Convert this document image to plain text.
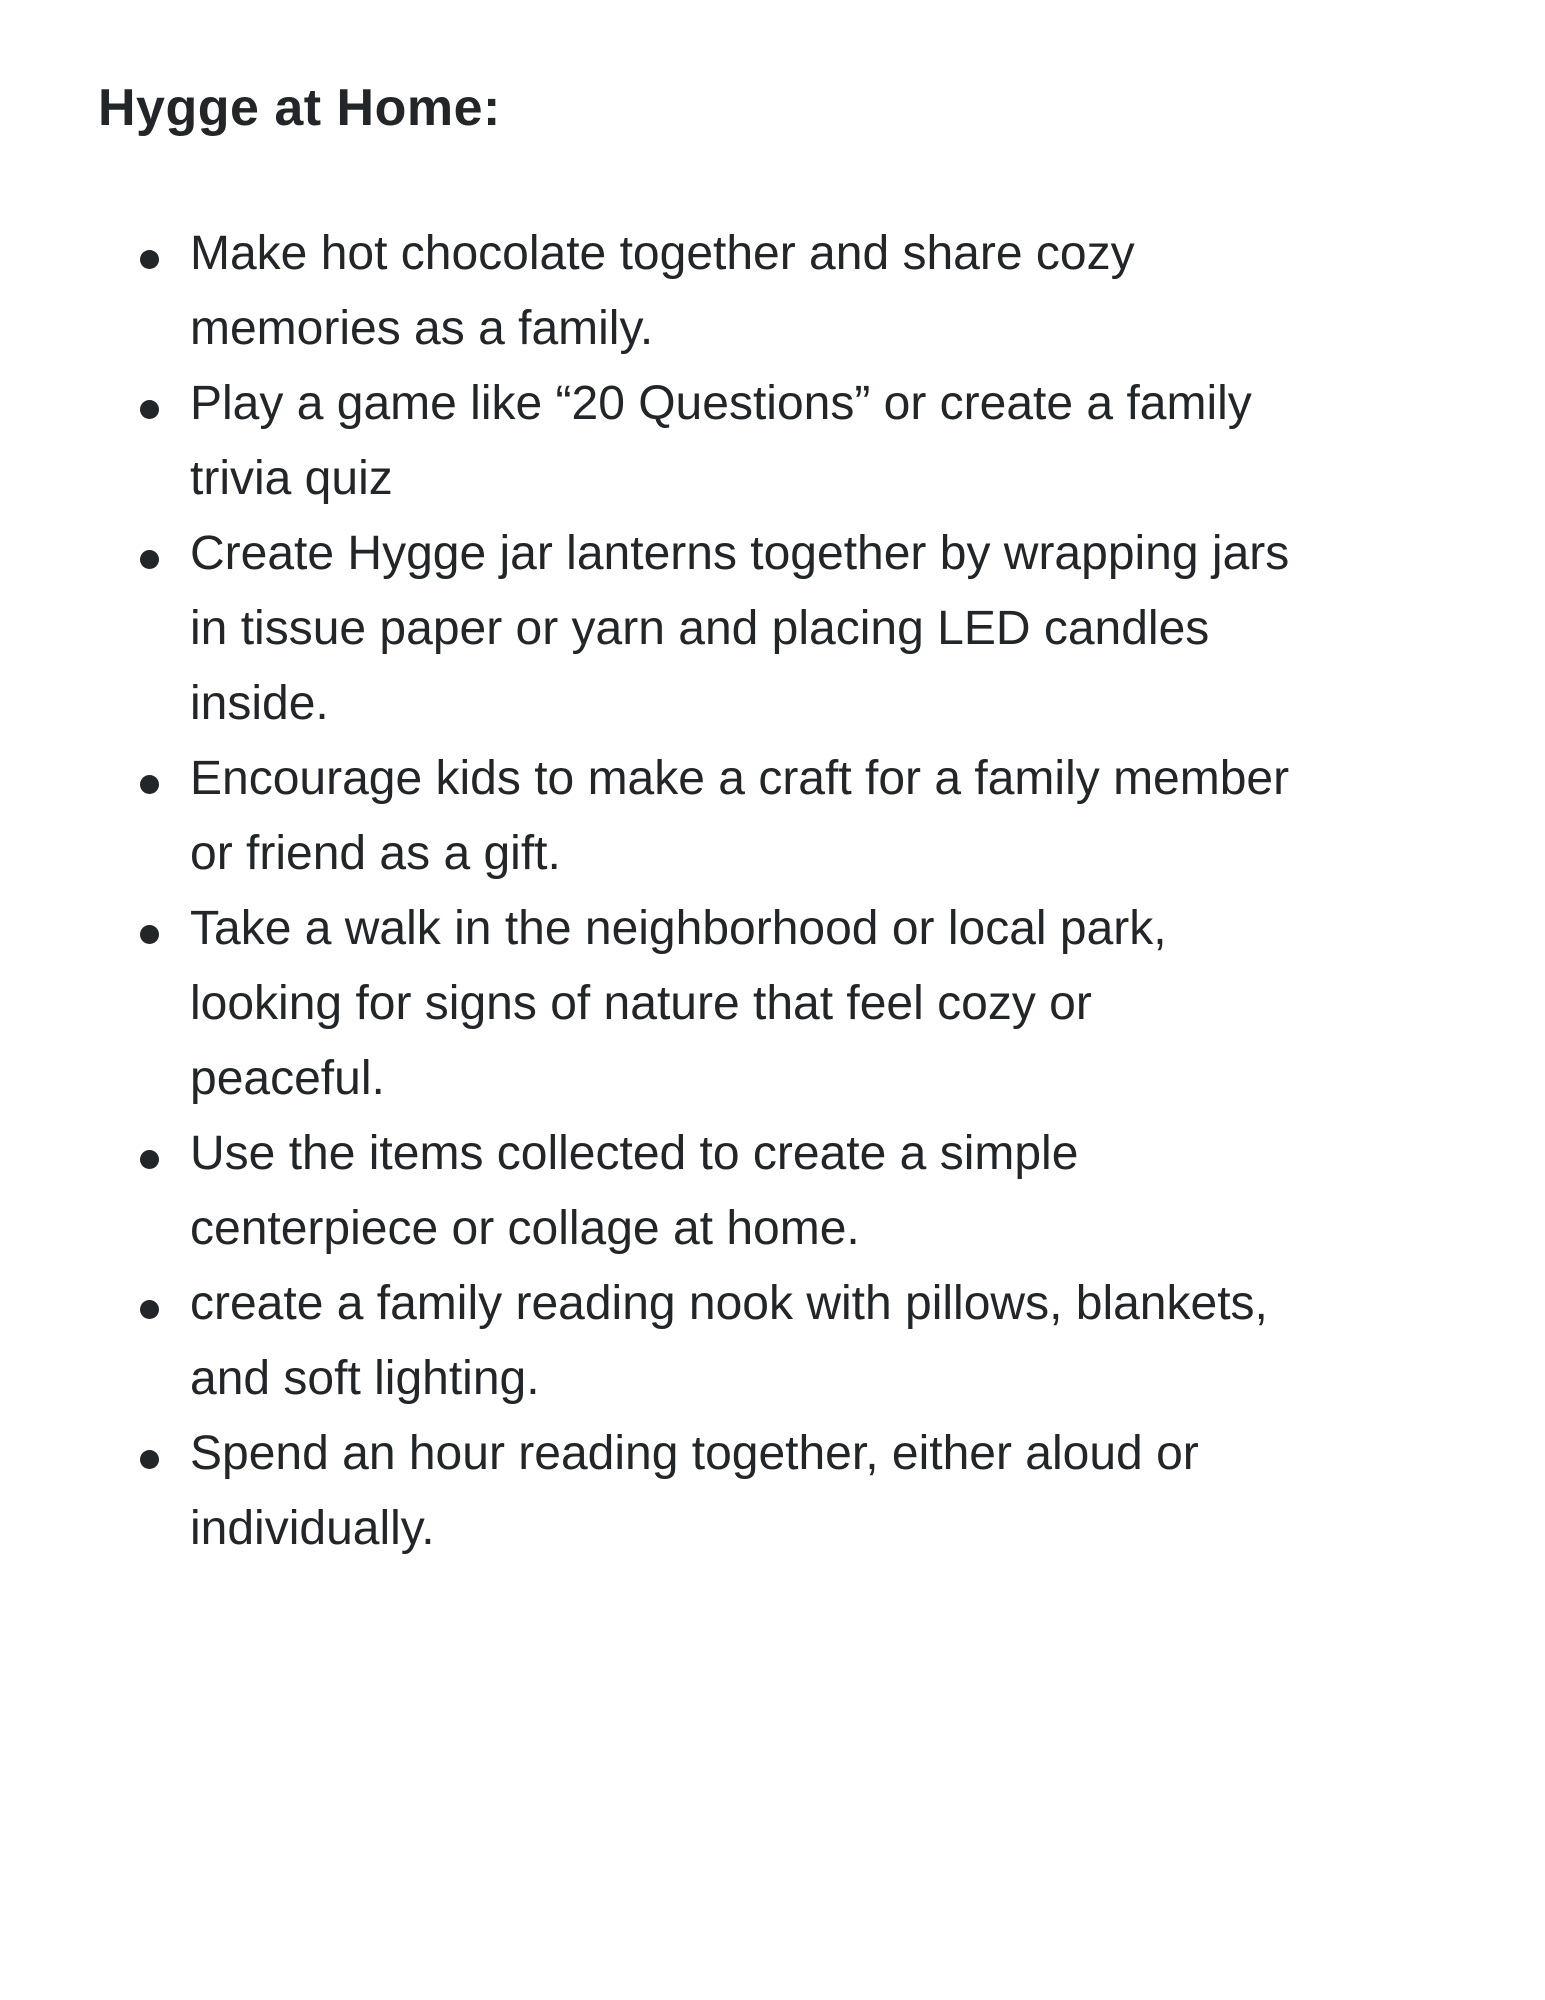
Hygge at Home:
Make hot chocolate together and share cozy
memories as a family.
Play a game like “20 Questions” or create a family
trivia quiz
Create Hygge jar lanterns together by wrapping jars
in tissue paper or yarn and placing LED candles
inside.
Encourage kids to make a craft for a family member
or friend as a gift.
Take a walk in the neighborhood or local park,
looking for signs of nature that feel cozy or
peaceful.
Use the items collected to create a simple
centerpiece or collage at home.
create a family reading nook with pillows, blankets,
and soft lighting.
Spend an hour reading together, either aloud or
individually.
